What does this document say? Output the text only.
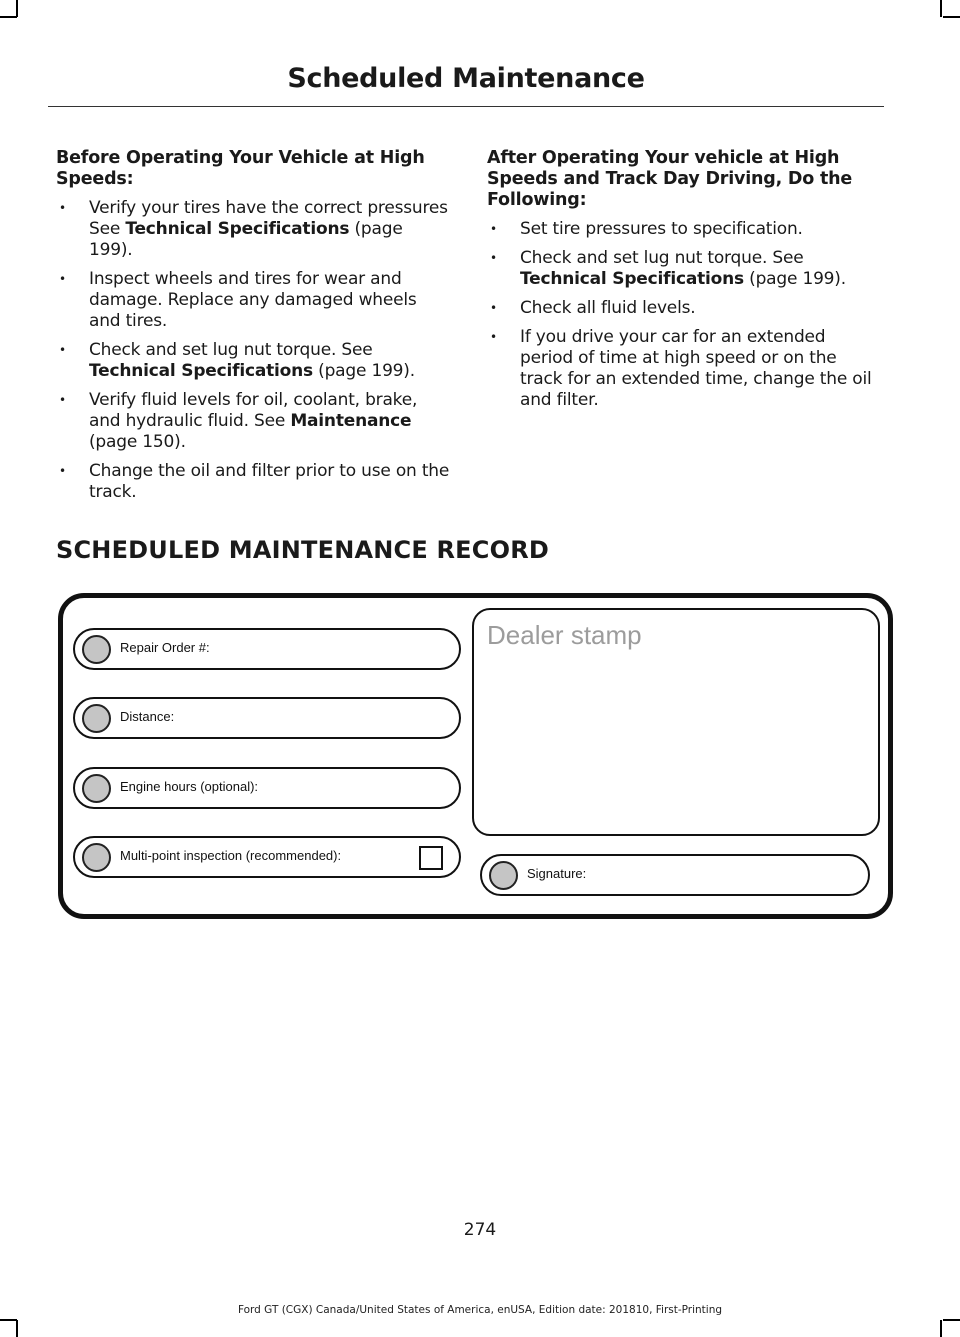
Scheduled Maintenance
Before Operating Your Vehicle at High Speeds:
• Verify your tires have the correct pressures See Technical Specifications (page 199).
• Inspect wheels and tires for wear and damage. Replace any damaged wheels and tires.
• Check and set lug nut torque. See Technical Specifications (page 199).
• Verify fluid levels for oil, coolant, brake, and hydraulic fluid. See Maintenance (page 150).
• Change the oil and filter prior to use on the track.
After Operating Your vehicle at High Speeds and Track Day Driving, Do the Following:
• Set tire pressures to specification.
• Check and set lug nut torque. See Technical Specifications (page 199).
• Check all fluid levels.
• If you drive your car for an extended period of time at high speed or on the track for an extended time, change the oil and filter.
SCHEDULED MAINTENANCE RECORD
Repair Order #:
Distance:
Engine hours (optional):
Multi-point inspection (recommended):
Dealer stamp
Signature:
274
Ford GT (CGX) Canada/United States of America, enUSA, Edition date: 201810, First-Printing
